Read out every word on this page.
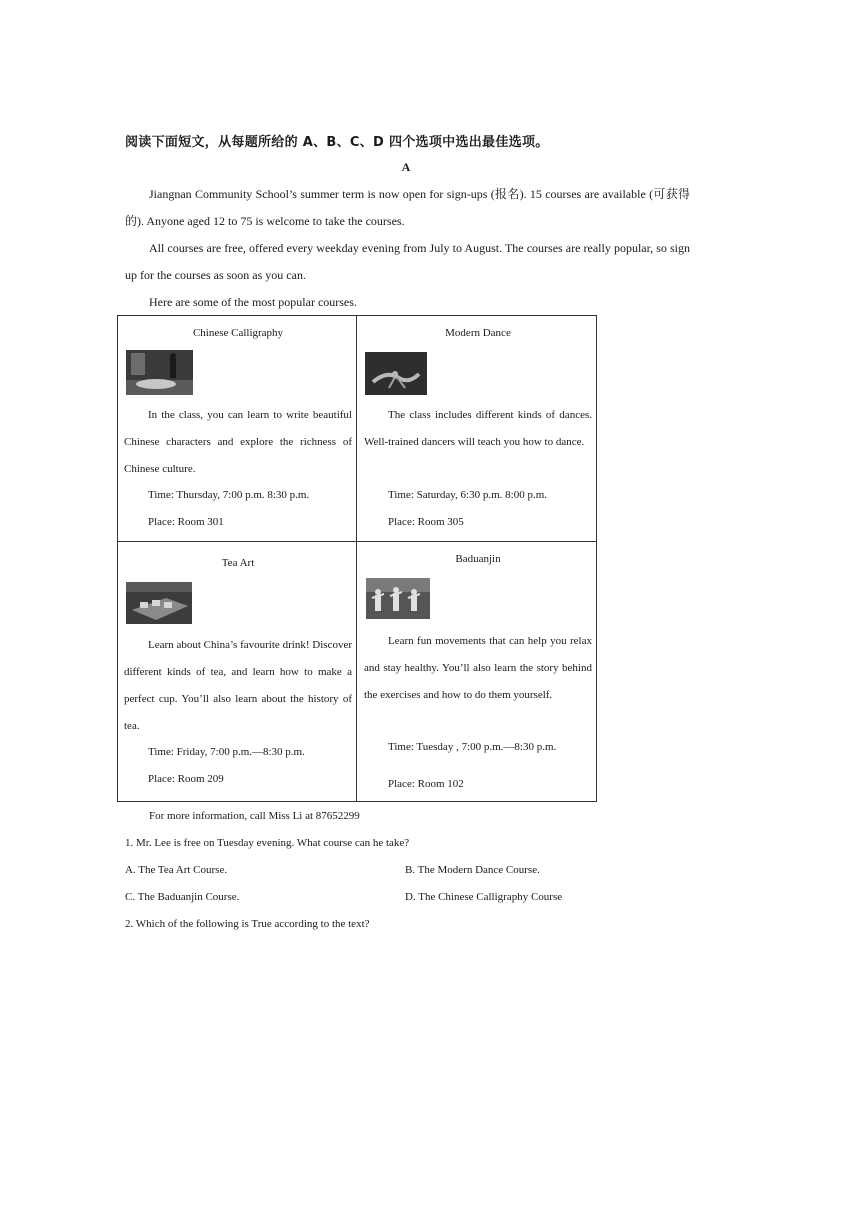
阅读下面短文，从每题所给的 A、B、C、D 四个选项中选出最佳选项。
A
Jiangnan Community School’s summer term is now open for sign-ups (报名). 15 courses are available (可获得的). Anyone aged 12 to 75 is welcome to take the courses.
All courses are free, offered every weekday evening from July to August. The courses are really popular, so sign up for the courses as soon as you can.
Here are some of the most popular courses.
Chinese Calligraphy
In the class, you can learn to write beautiful Chinese characters and explore the richness of Chinese culture.
Time: Thursday, 7:00 p.m. 8:30 p.m.
Place: Room 301
Modern Dance
The class includes different kinds of dances. Well-trained dancers will teach you how to dance.
Time: Saturday, 6:30 p.m. 8:00 p.m.
Place: Room 305
Tea Art
Learn about China’s favourite drink! Discover different kinds of tea, and learn how to make a perfect cup. You’ll also learn about the history of tea.
Time: Friday, 7:00 p.m.—8:30 p.m.
Place: Room 209
Baduanjin
Learn fun movements that can help you relax and stay healthy. You’ll also learn the story behind the exercises and how to do them yourself.
Time: Tuesday , 7:00 p.m.—8:30 p.m.
Place: Room 102
For more information, call Miss Li at 87652299
1. Mr. Lee is free on Tuesday evening. What course can he take?
A. The Tea Art Course.	B. The Modern Dance Course.
C. The Baduanjin Course.	D. The Chinese Calligraphy Course
2. Which of the following is True according to the text?
